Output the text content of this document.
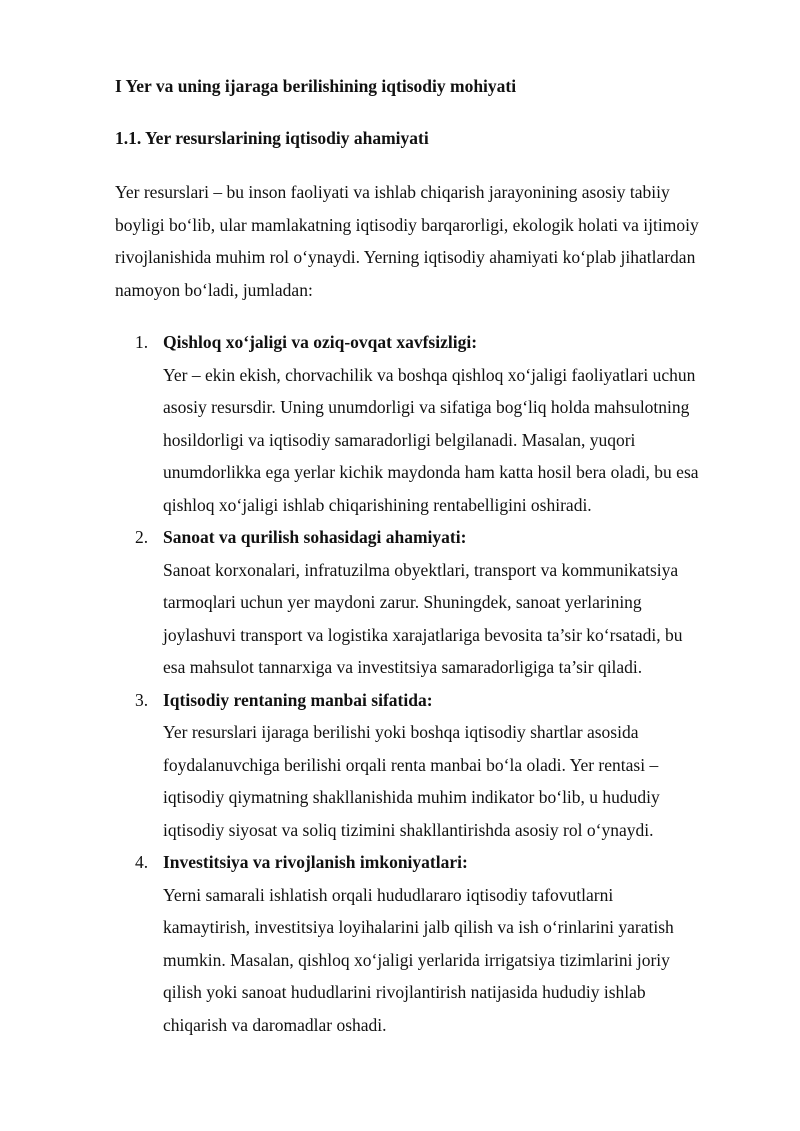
I Yer va uning ijaraga berilishining iqtisodiy mohiyati
1.1. Yer resurslarining iqtisodiy ahamiyati
Yer resurslari – bu inson faoliyati va ishlab chiqarish jarayonining asosiy tabiiy
boyligi bo‘lib, ular mamlakatning iqtisodiy barqarorligi, ekologik holati va ijtimoiy
rivojlanishida muhim rol o‘ynaydi. Yerning iqtisodiy ahamiyati ko‘plab jihatlardan
namoyon bo‘ladi, jumladan:
1. Qishloq xo‘jaligi va oziq-ovqat xavfsizligi:
Yer – ekin ekish, chorvachilik va boshqa qishloq xo‘jaligi faoliyatlari uchun
asosiy resursdir. Uning unumdorligi va sifatiga bog‘liq holda mahsulotning
hosildorligi va iqtisodiy samaradorligi belgilanadi. Masalan, yuqori
unumdorlikka ega yerlar kichik maydonda ham katta hosil bera oladi, bu esa
qishloq xo‘jaligi ishlab chiqarishining rentabelligini oshiradi.
2. Sanoat va qurilish sohasidagi ahamiyati:
Sanoat korxonalari, infratuzilma obyektlari, transport va kommunikatsiya
tarmoqlari uchun yer maydoni zarur. Shuningdek, sanoat yerlarining
joylashuvi transport va logistika xarajatlariga bevosita ta’sir ko‘rsatadi, bu
esa mahsulot tannarxiga va investitsiya samaradorligiga ta’sir qiladi.
3. Iqtisodiy rentaning manbai sifatida:
Yer resurslari ijaraga berilishi yoki boshqa iqtisodiy shartlar asosida
foydalanuvchiga berilishi orqali renta manbai bo‘la oladi. Yer rentasi –
iqtisodiy qiymatning shakllanishida muhim indikator bo‘lib, u hududiy
iqtisodiy siyosat va soliq tizimini shakllantirishda asosiy rol o‘ynaydi.
4. Investitsiya va rivojlanish imkoniyatlari:
Yerni samarali ishlatish orqali hududlararo iqtisodiy tafovutlarni
kamaytirish, investitsiya loyihalarini jalb qilish va ish o‘rinlarini yaratish
mumkin. Masalan, qishloq xo‘jaligi yerlarida irrigatsiya tizimlarini joriy
qilish yoki sanoat hududlarini rivojlantirish natijasida hududiy ishlab
chiqarish va daromadlar oshadi.
